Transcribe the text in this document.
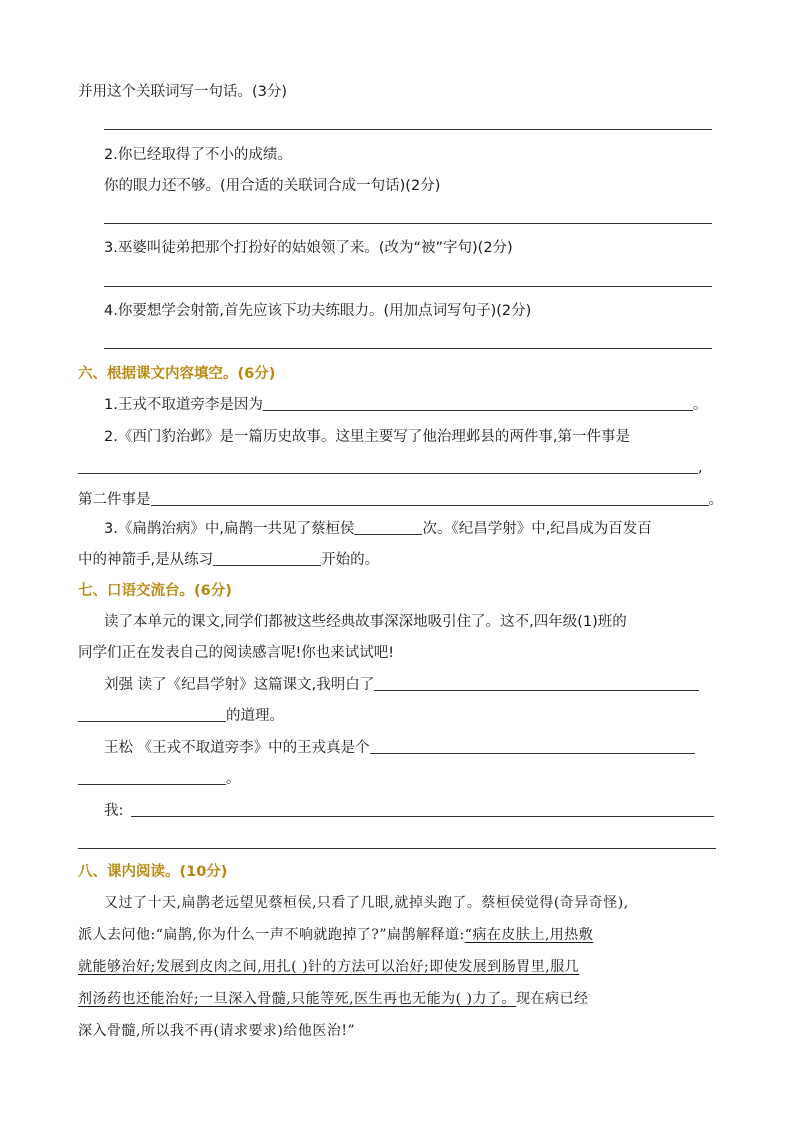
并用这个关联词写一句话。(3分)
2.你已经取得了不小的成绩。
你的眼力还不够。(用合适的关联词合成一句话)(2分)
3.巫婆叫徒弟把那个打扮好的姑娘领了来。(改为“被”字句)(2分)
4.你要想学会射箭,首先应该下功夫练眼力。(用加点词写句子)(2分)
六、根据课文内容填空。(6分)
1.王戎不取道旁李是因为	。
2.《西门豹治邺》是一篇历史故事。这里主要写了他治理邺县的两件事,第一件事是
,
第二件事是	。
3.《扁鹊治病》中,扁鹊一共见了蔡桓侯	次。《纪昌学射》中,纪昌成为百发百
中的神箭手,是从练习	开始的。
七、口语交流台。(6分)
读了本单元的课文,同学们都被这些经典故事深深地吸引住了。这不,四年级(1)班的
同学们正在发表自己的阅读感言呢!你也来试试吧!
刘强 读了《纪昌学射》这篇课文,我明白了
的道理。
王松 《王戎不取道旁李》中的王戎真是个
。
我:
八、课内阅读。(10分)
又过了十天,扁鹊老远望见蔡桓侯,只看了几眼,就掉头跑了。蔡桓侯觉得(奇异奇怪),
派人去问他:“扁鹊,你为什么一声不响就跑掉了?”扁鹊解释道:“病在皮肤上,用热敷
就能够治好;发展到皮肉之间,用扎( )针的方法可以治好;即使发展到肠胃里,服几
剂汤药也还能治好;一旦深入骨髓,只能等死,医生再也无能为( )力了。现在病已经
深入骨髓,所以我不再(请求要求)给他医治!”
